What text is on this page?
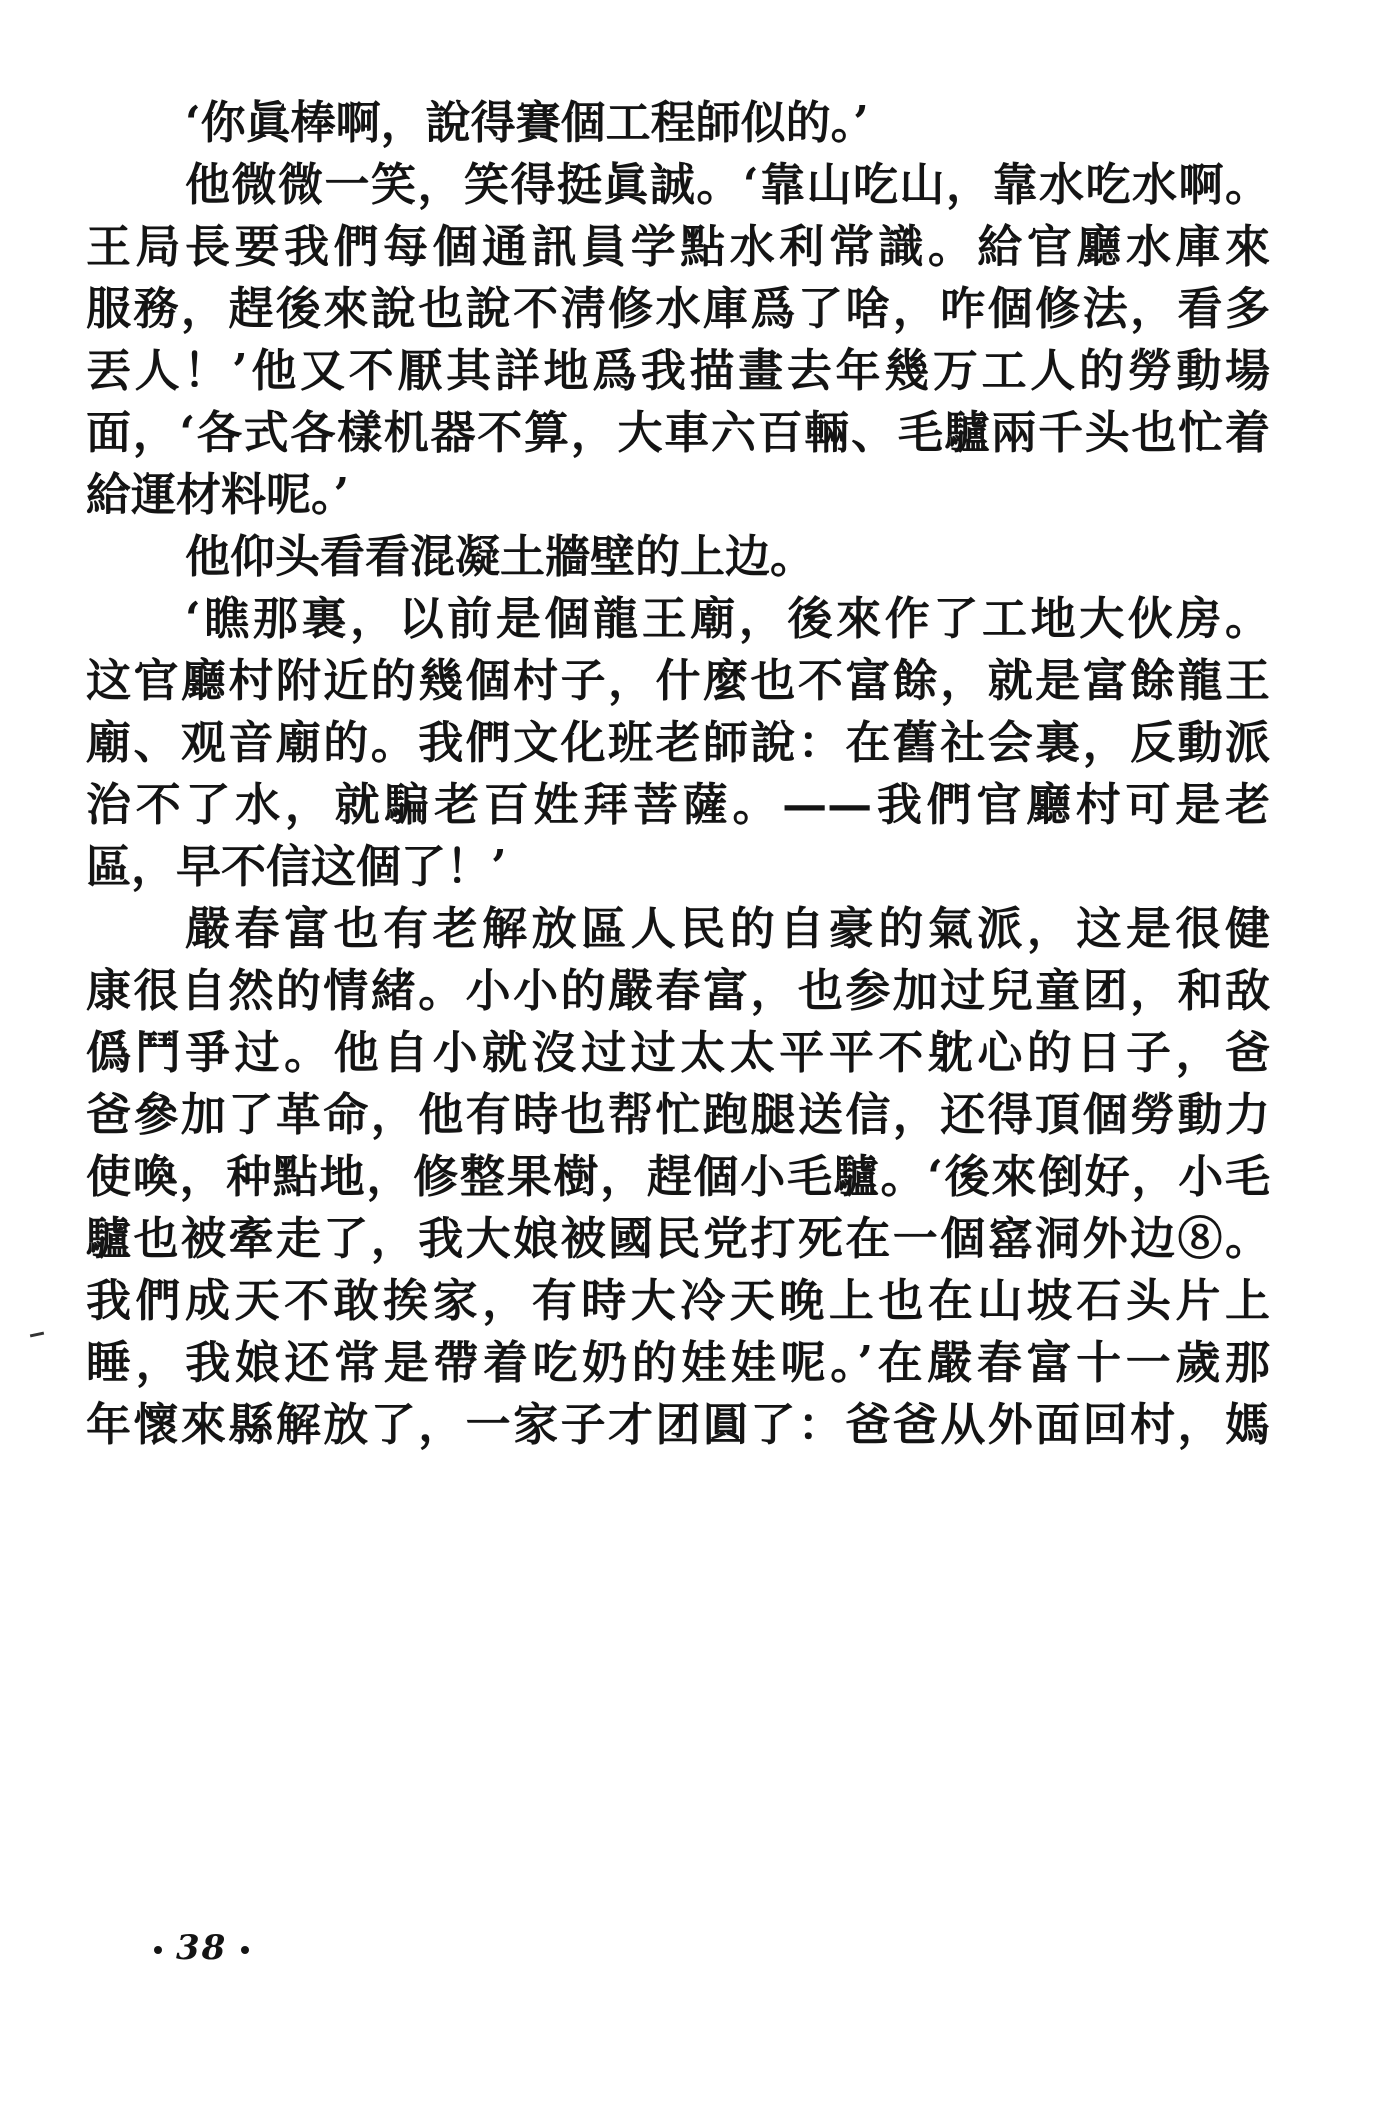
‘你眞棒啊，說得賽個工程師似的。’
他微微一笑，笑得挺眞誠。‘靠山吃山，靠水吃水啊。
王局長要我們每個通訊員学點水利常識。給官廳水庫來
服務，趕後來說也說不淸修水庫爲了啥，咋個修法，看多
丟人！’他又不厭其詳地爲我描畫去年幾万工人的勞動場
面，‘各式各樣机器不算，大車六百輛、毛驢兩千头也忙着
給運材料呢。’
他仰头看看混凝土牆壁的上边。
‘瞧那裏，以前是個龍王廟，後來作了工地大伙房。
这官廳村附近的幾個村子，什麼也不富餘，就是富餘龍王
廟、观音廟的。我們文化班老師說：在舊社会裏，反動派
治不了水，就騙老百姓拜菩薩。——我們官廳村可是老
區，早不信这個了！’
嚴春富也有老解放區人民的自豪的氣派，这是很健
康很自然的情緒。小小的嚴春富，也参加过兒童团，和敌
僞鬥爭过。他自小就沒过过太太平平不躭心的日子，爸
爸參加了革命，他有時也帮忙跑腿送信，还得頂個勞動力
使喚，种點地，修整果樹，趕個小毛驢。‘後來倒好，小毛
驢也被牽走了，我大娘被國民党打死在一個窰洞外边⑧。
我們成天不敢挨家，有時大冷天晚上也在山坡石头片上
睡，我娘还常是帶着吃奶的娃娃呢。’在嚴春富十一歲那
年懷來縣解放了，一家子才团圓了：爸爸从外面回村，媽
38
